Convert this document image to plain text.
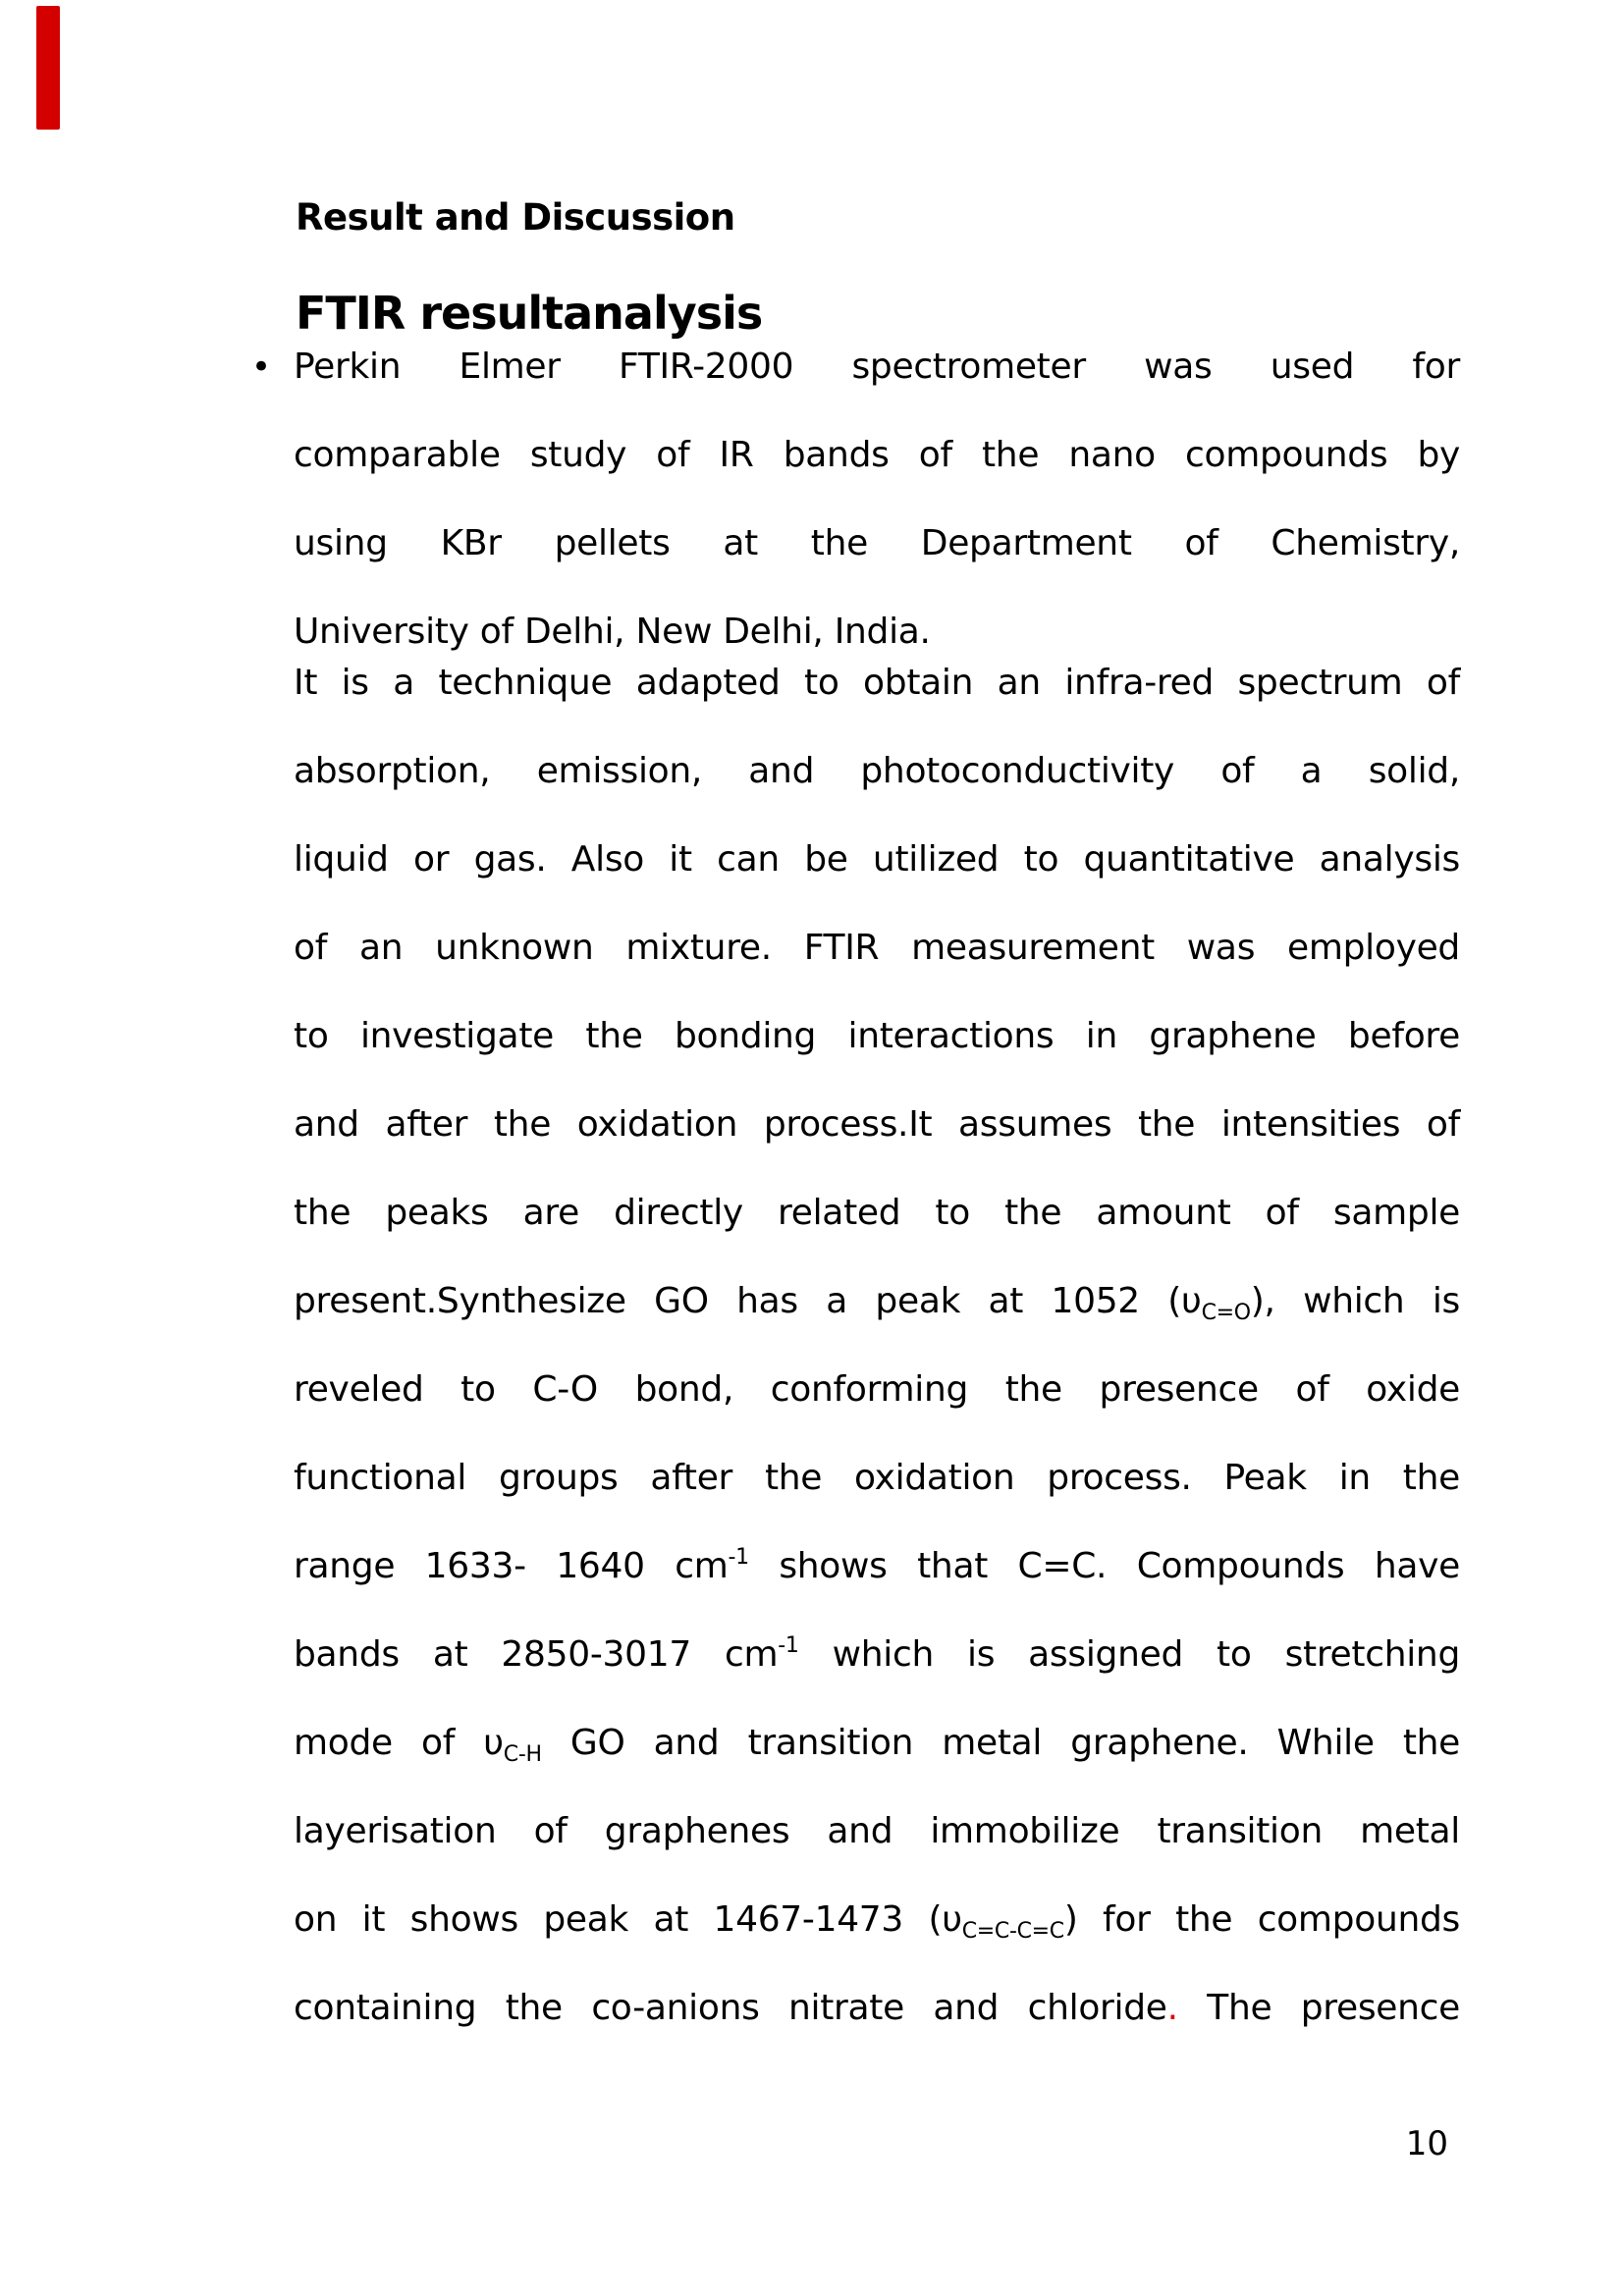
Result and Discussion
FTIR resultanalysis
• Perkin Elmer FTIR-2000 spectrometer was used for
comparable study of IR bands of the nano compounds by
using KBr pellets at the Department of Chemistry,
University of Delhi, New Delhi, India.
It is a technique adapted to obtain an infra-red spectrum of
absorption, emission, and photoconductivity of a solid,
liquid or gas. Also it can be utilized to quantitative analysis
of an unknown mixture. FTIR measurement was employed
to investigate the bonding interactions in graphene before
and after the oxidation process.It assumes the intensities of
the peaks are directly related to the amount of sample
present.Synthesize GO has a peak at 1052 $(\upsilon_{C=O})$, which is
reveled to C-O bond, conforming the presence of oxide
functional groups after the oxidation process. Peak in the
range 1633- 1640 $cm^{-1}$ shows that C=C. Compounds have
bands at 2850-3017 $cm^{-1}$ which is assigned to stretching
mode of $\upsilon_{C-H}$ GO and transition metal graphene. While the
layerisation of graphenes and immobilize transition metal
on it shows peak at 1467-1473 $(\upsilon_{C=C-C=C})$ for the compounds
containing the co-anions nitrate and chloride. The presence
10
